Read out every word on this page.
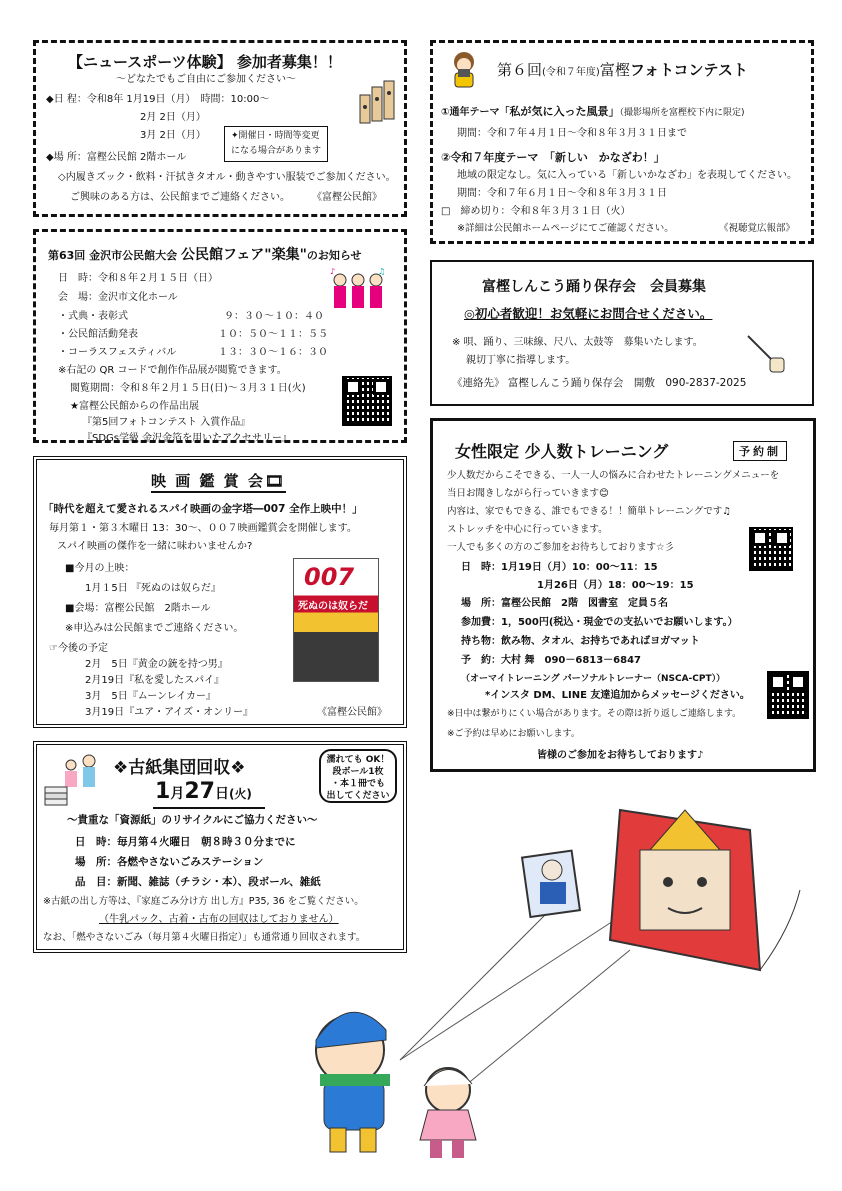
【ニュースポーツ体験】 参加者募集！！
～どなたでもご自由にご参加ください～
◆日 程：令和8年 1月19日（月）　時間：10:00～
2月 2日（月）
3月 2日（月）	✦開催日・時間等変更
になる場合があります
◆場 所：富樫公民館 2階ホール
◇内履きズック・飲料・汗拭きタオル・動きやすい服装でご参加ください。
ご興味のある方は、公民館までご連絡ください。 《富樫公民館》
第６回(令和７年度)富樫フォトコンテスト
①通年テーマ「私が気に入った風景」（撮影場所を富樫校下内に限定)
期間：令和７年４月１日～令和８年３月３１日まで
②令和７年度テーマ　「新しい　かなざわ！」
地域の限定なし。気に入っている「新しいかなざわ」を表現してください。
期間：令和７年６月１日～令和８年３月３１日
□　締め切り：令和８年３月３１日（火）
※詳細は公民館ホームページにてご確認ください。	《視聴覚広報部》
第63回 金沢市公民館大会 公民館フェア"楽集"のお知らせ
日　時：令和８年２月１５日（日）
会　場：金沢市文化ホール
・式典・表彰式	９：３０～１０：４０
・公民館活動発表	１０：５０～１１：５５
・コーラスフェスティバル	１３：３０～１６：３０
※右記の QR コードで創作作品展が閲覧できます。
閲覧期間：令和８年２月１５日(日)～３月３１日(火)
★富樫公民館からの作品出展
『第5回フォトコンテスト 入賞作品』
『SDGs学級 金沢金箔を用いたアクセサリー』
♪	♫
富樫しんこう踊り保存会　会員募集
◎初心者歓迎！お気軽にお問合せください。
※ 唄、踊り、三味線、尺八、太鼓等　募集いたします。
親切丁寧に指導します。
《連絡先》 富樫しんこう踊り保存会　開敷　090-2837-2025
女性限定 少人数トレーニング	予約制
少人数だからこそできる、一人一人の悩みに合わせたトレーニングメニューを
当日お聞きしながら行っていきます😊
内容は、家でもできる、誰でもできる！！簡単トレーニングです♫
ストレッチを中心に行っていきます。
一人でも多くの方のご参加をお待ちしております☆彡
日　時：1月19日（月）10：00～11：15
1月26日（月）18：00～19：15
場　所：富樫公民館　2階　図書室　定員５名
参加費：1，500円(税込・現金での支払いでお願いします。）
持ち物：飲み物、タオル、お持ちであればヨガマット
予　約：大村 舞　090－6813－6847
（オーマイトレーニング パーソナルトレーナー（NSCA-CPT））
*インスタ DM、LINE 友達追加からメッセージください。
※日中は繋がりにくい場合があります。その際は折り返しご連絡します。
※ご予約は早めにお願いします。
皆様のご参加をお待ちしております♪
映 画 鑑 賞 会🎞
「時代を超えて愛されるスパイ映画の金字塔―007 全作上映中！」
毎月第１・第３木曜日 13：30～、００７映画鑑賞会を開催します。
スパイ映画の傑作を一緒に味わいませんか?
■今月の上映：
1月１5日 『死ぬのは奴らだ』
■会場：富樫公民館　2階ホール
※申込みは公民館までご連絡ください。
☞今後の予定
2月　5日『黄金の銃を持つ男』
2月19日『私を愛したスパイ』
3月　5日『ムーンレイカー』
3月19日『ユア・アイズ・オンリー』	《富樫公民館》
007
死ぬのは奴らだ
❖古紙集団回収❖
1月27日(火)
濡れても OK！
段ボール1枚
・本１冊でも
出してください
～貴重な「資源紙」のリサイクルにご協力ください～
日　時：毎月第４火曜日　朝８時３０分までに
場　所：各燃やさないごみステーション
品　目：新聞、雑誌（チラシ・本）、段ボール、雑紙
※古紙の出し方等は、『家庭ごみ分け方 出し方』P35, 36 をご覧ください。
（牛乳パック、古着・古布の回収はしておりません）
なお、「燃やさないごみ（毎月第４火曜日指定）」も通常通り回収されます。
